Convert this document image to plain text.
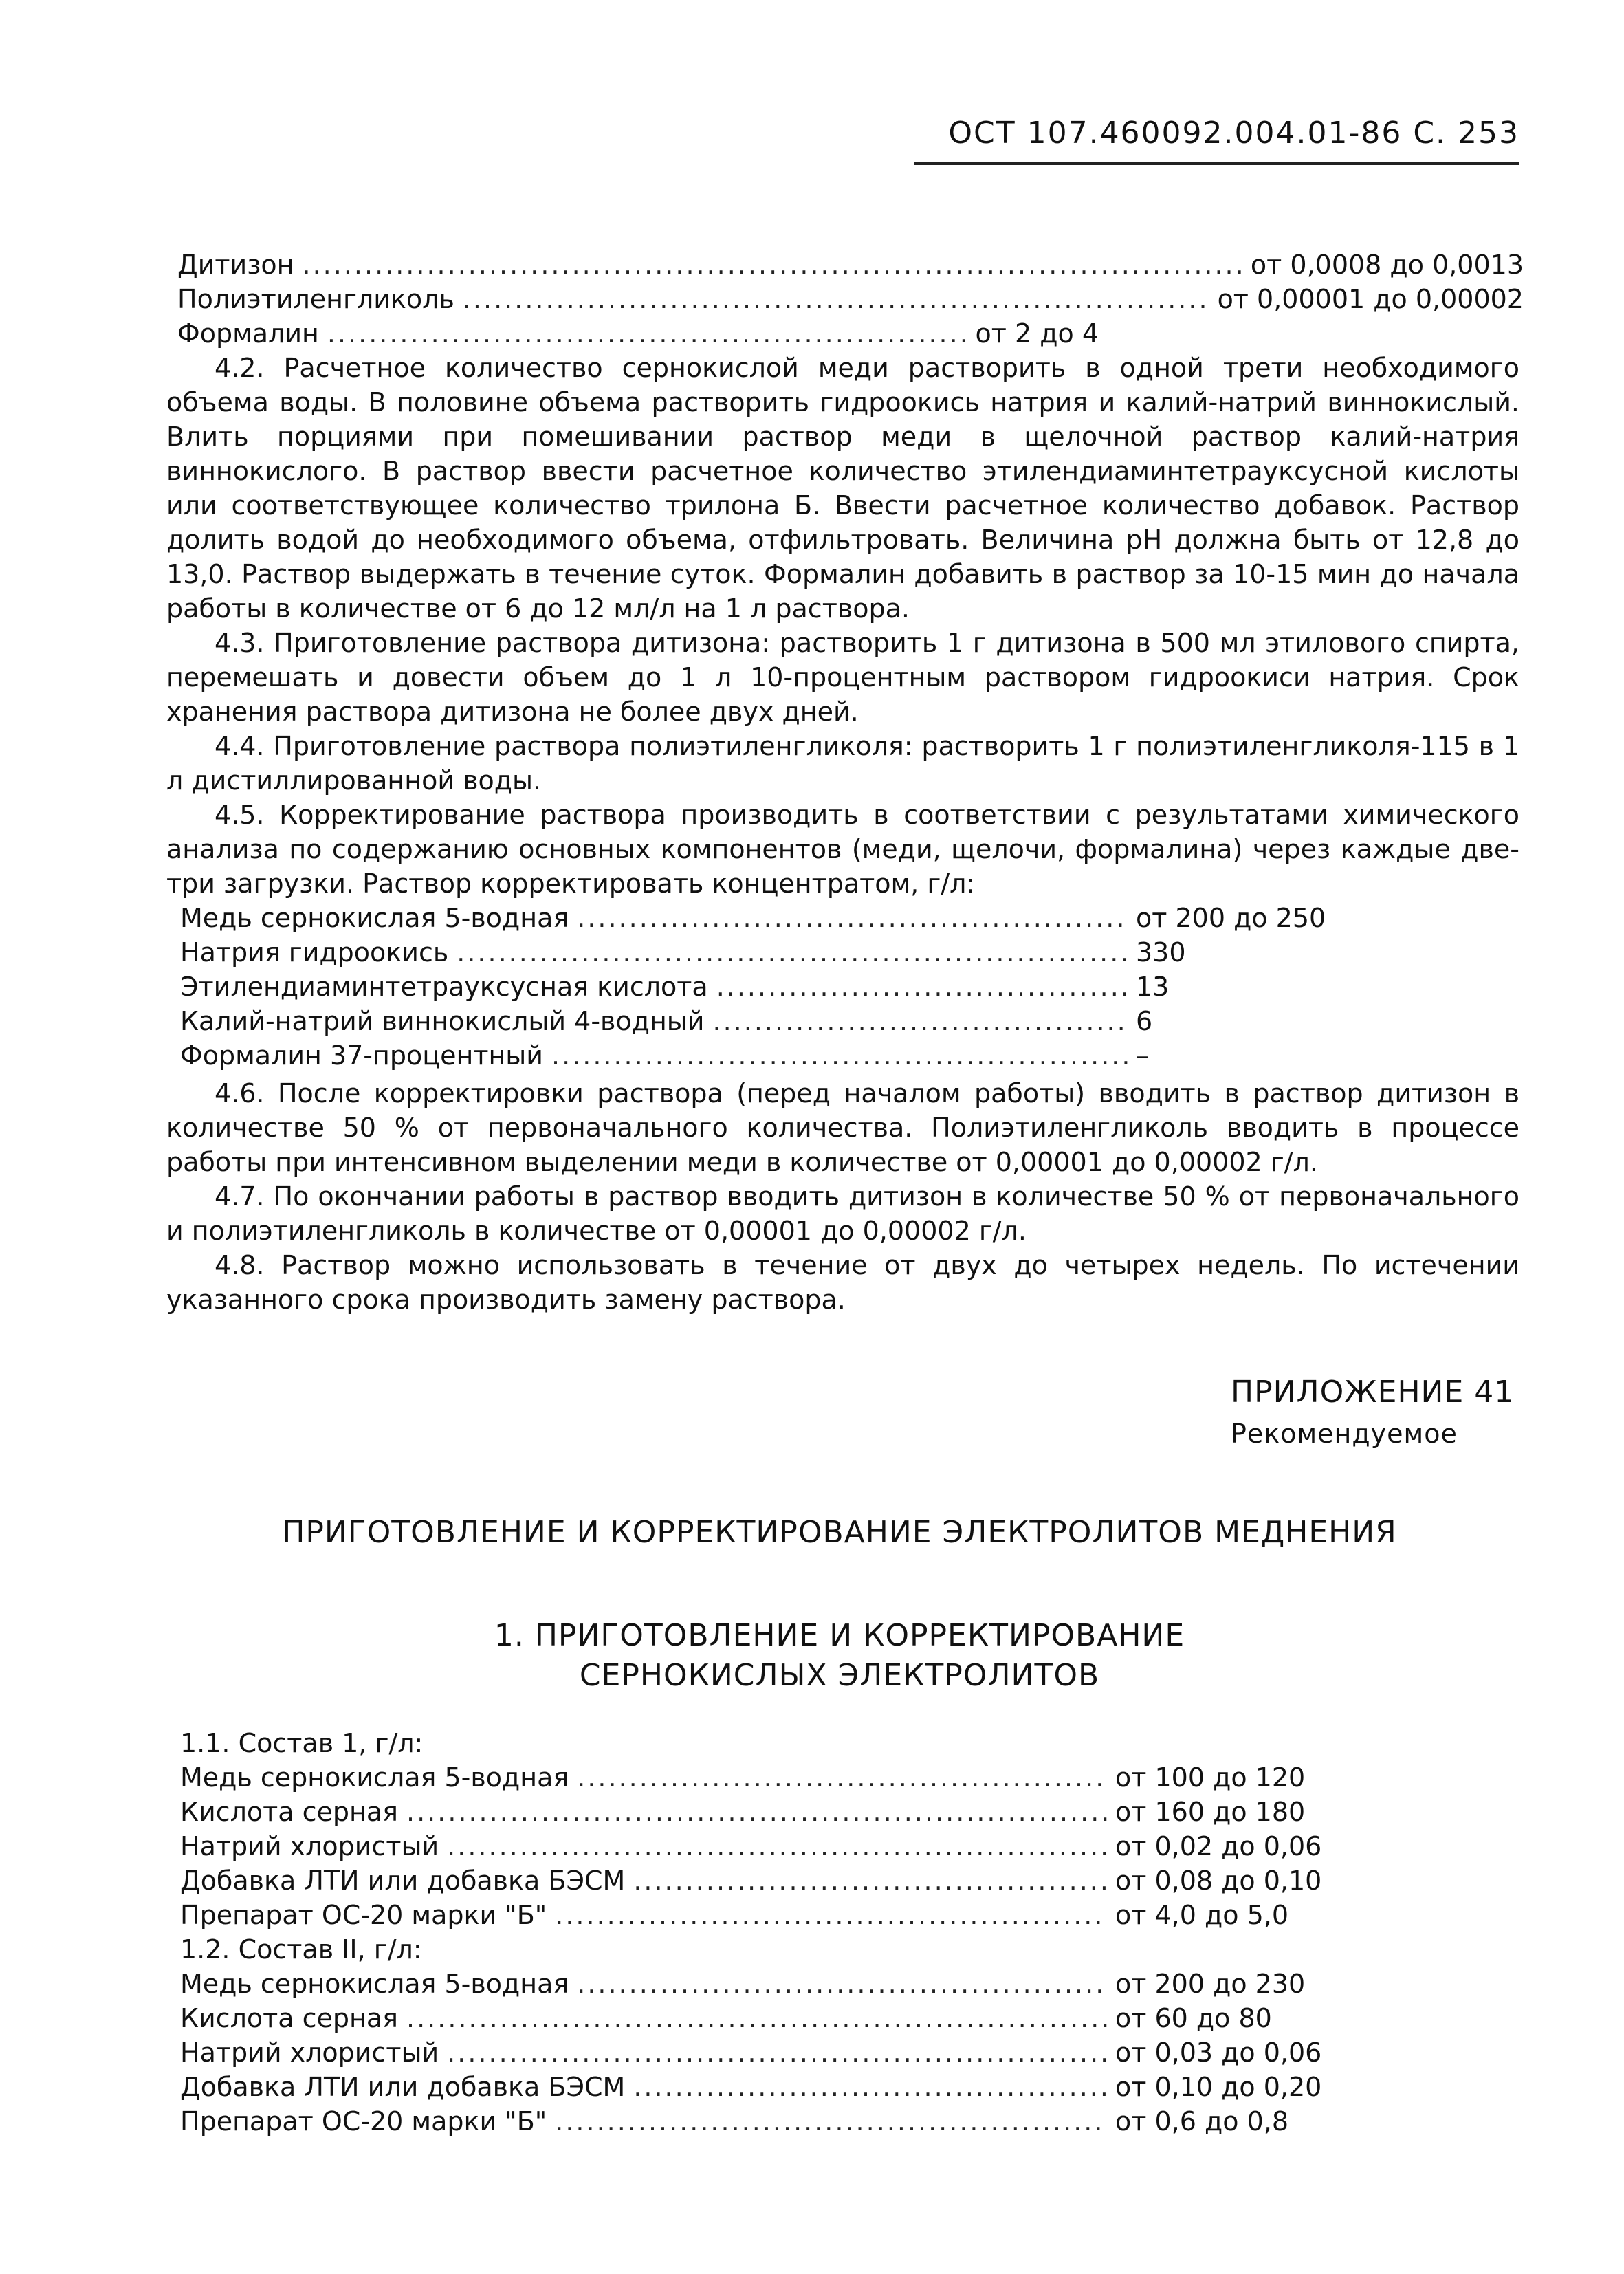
ОСТ 107.460092.004.01-86 С. 253
Дитизон .....	от 0,0008 до 0,0013
Полиэтиленгликоль .....	от 0,00001 до 0,00002
Формалин .....	от 2 до 4

4.2. Расчетное количество сернокислой меди растворить в одной трети необходимого объема воды. В половине объема растворить гидроокись натрия и калий-натрий виннокислый. Влить порциями при помешивании раствор меди в щелочной раствор калий-натрия виннокислого. В раствор ввести расчетное количество этилендиаминтетрауксусной кислоты или соответствующее количество трилона Б. Ввести расчетное количество добавок. Раствор долить водой до необходимого объема, отфильтровать. Величина pH должна быть от 12,8 до 13,0. Раствор выдержать в течение суток. Формалин добавить в раствор за 10-15 мин до начала работы в количестве от 6 до 12 мл/л на 1 л раствора.

4.3. Приготовление раствора дитизона: растворить 1 г дитизона в 500 мл этилового спирта, перемешать и довести объем до 1 л 10-процентным раствором гидроокиси натрия. Срок хранения раствора дитизона не более двух дней.

4.4. Приготовление раствора полиэтиленгликоля: растворить 1 г полиэтиленгликоля-115 в 1 л дистиллированной воды.

4.5. Корректирование раствора производить в соответствии с результатами химического анализа по содержанию основных компонентов (меди, щелочи, формалина) через каждые две-три загрузки. Раствор корректировать концентратом, г/л:

Медь сернокислая 5-водная .....	от 200 до 250
Натрия гидроокись .....	330
Этилендиаминтетрауксусная кислота .....	13
Калий-натрий виннокислый 4-водный .....	6
Формалин 37-процентный .....	–

4.6. После корректировки раствора (перед началом работы) вводить в раствор дитизон в количестве 50 % от первоначального количества. Полиэтиленгликоль вводить в процессе работы при интенсивном выделении меди в количестве от 0,00001 до 0,00002 г/л.

4.7. По окончании работы в раствор вводить дитизон в количестве 50 % от первоначального и полиэтиленгликоль в количестве от 0,00001 до 0,00002 г/л.

4.8. Раствор можно использовать в течение от двух до четырех недель. По истечении указанного срока производить замену раствора.

ПРИЛОЖЕНИЕ 41
Рекомендуемое
ПРИГОТОВЛЕНИЕ И КОРРЕКТИРОВАНИЕ ЭЛЕКТРОЛИТОВ МЕДНЕНИЯ
1. ПРИГОТОВЛЕНИЕ И КОРРЕКТИРОВАНИЕ
СЕРНОКИСЛЫХ ЭЛЕКТРОЛИТОВ
1.1. Состав 1, г/л:
Медь сернокислая 5-водная .....	от 100 до 120
Кислота серная .....	от 160 до 180
Натрий хлористый .....	от 0,02 до 0,06
Добавка ЛТИ или добавка БЭСМ .....	от 0,08 до 0,10
Препарат ОС-20 марки "Б" .....	от 4,0 до 5,0
1.2. Состав II, г/л:
Медь сернокислая 5-водная .....	от 200 до 230
Кислота серная .....	от 60 до 80
Натрий хлористый .....	от 0,03 до 0,06
Добавка ЛТИ или добавка БЭСМ .....	от 0,10 до 0,20
Препарат ОС-20 марки "Б" .....	от 0,6 до 0,8
